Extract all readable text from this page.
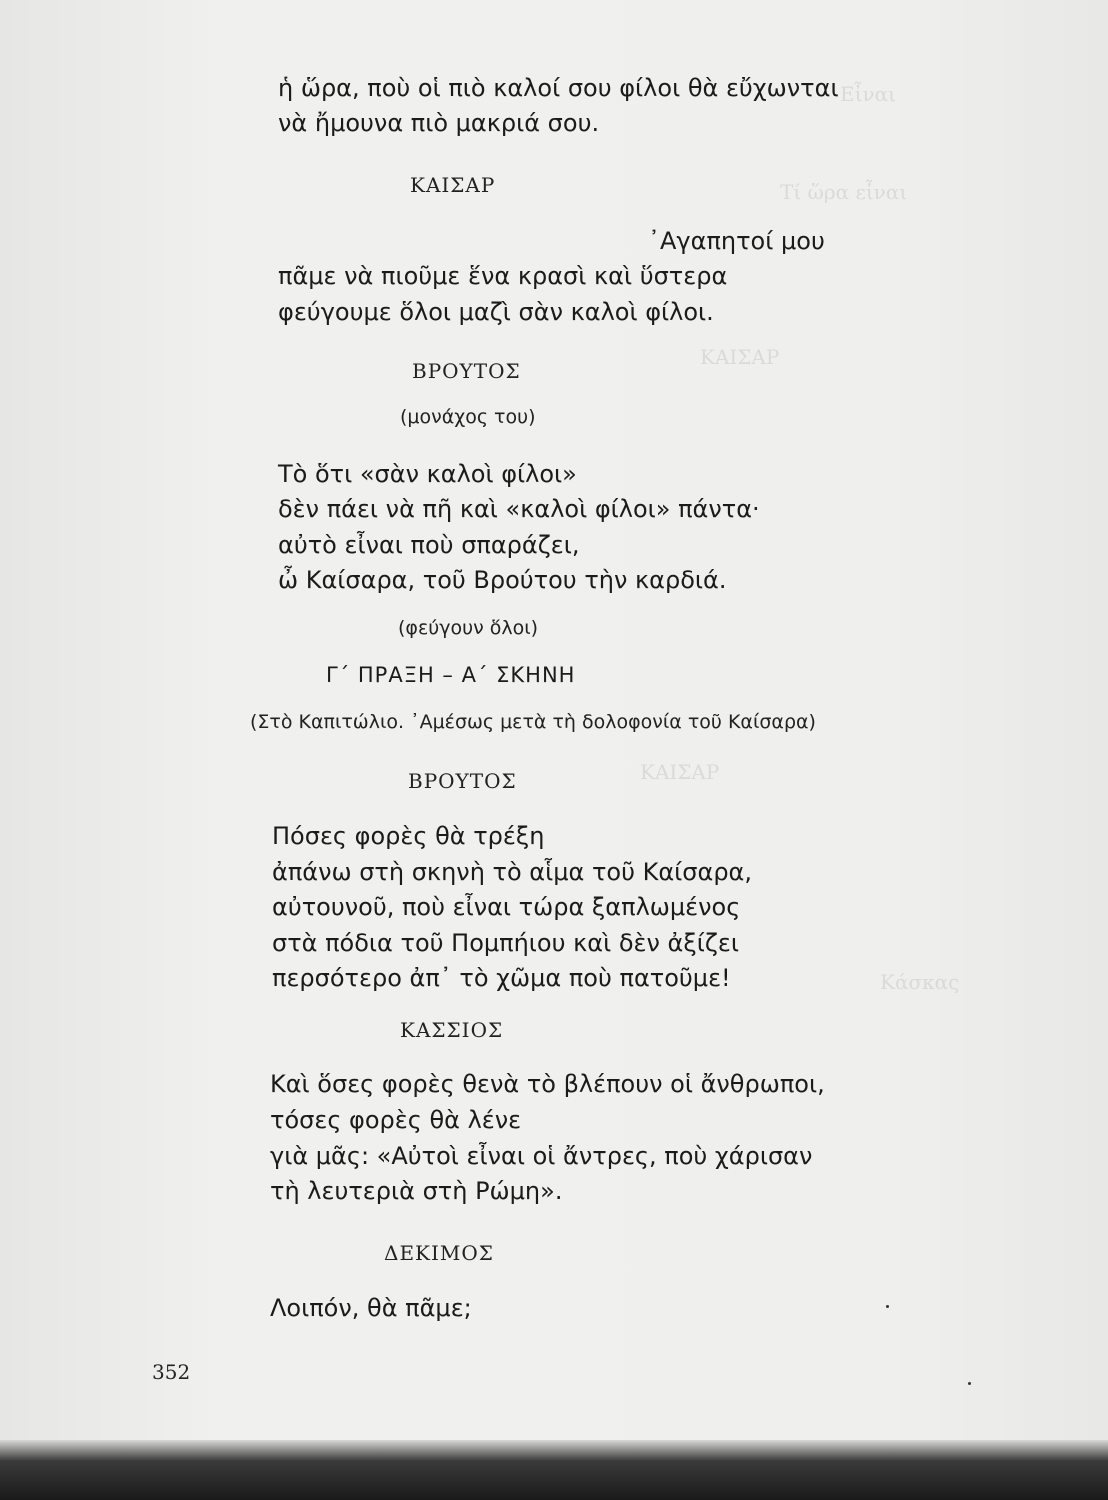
Εἶναι
Τί ὥρα εἶναι
ΚΑΙΣΑΡ
ΚΑΙΣΑΡ
Κάσκας
ἡ ὥρα, ποὺ οἱ πιὸ καλοί σου φίλοι θὰ εὔχωνται
νὰ ἤμουνα πιὸ μακριά σου.
ΚΑΙΣΑΡ
᾿Αγαπητοί μου
πᾶμε νὰ πιοῦμε ἕνα κρασὶ καὶ ὕστερα
φεύγουμε ὅλοι μαζὶ σὰν καλοὶ φίλοι.
ΒΡΟΥΤΟΣ
(μονάχος του)
Τὸ ὅτι «σὰν καλοὶ φίλοι»
δὲν πάει νὰ πῆ καὶ «καλοὶ φίλοι» πάντα·
αὐτὸ εἶναι ποὺ σπαράζει,
ὦ Καίσαρα, τοῦ Βρούτου τὴν καρδιά.
(φεύγουν ὅλοι)
Γ´ ΠΡΑΞΗ – Α´ ΣΚΗΝΗ
(Στὸ Καπιτώλιο. ᾿Αμέσως μετὰ τὴ δολοφονία τοῦ Καίσαρα)
ΒΡΟΥΤΟΣ
Πόσες φορὲς θὰ τρέξη
ἀπάνω στὴ σκηνὴ τὸ αἷμα τοῦ Καίσαρα,
αὐτουνοῦ, ποὺ εἶναι τώρα ξαπλωμένος
στὰ πόδια τοῦ Πομπήιου καὶ δὲν ἀξίζει
περσότερο ἀπ᾿ τὸ χῶμα ποὺ πατοῦμε!
ΚΑΣΣΙΟΣ
Καὶ ὅσες φορὲς θενὰ τὸ βλέπουν οἱ ἄνθρωποι,
τόσες φορὲς θὰ λένε
γιὰ μᾶς: «Αὐτοὶ εἶναι οἱ ἄντρες, ποὺ χάρισαν
τὴ λευτεριὰ στὴ Ρώμη».
ΔΕΚΙΜΟΣ
Λοιπόν, θὰ πᾶμε;
352
